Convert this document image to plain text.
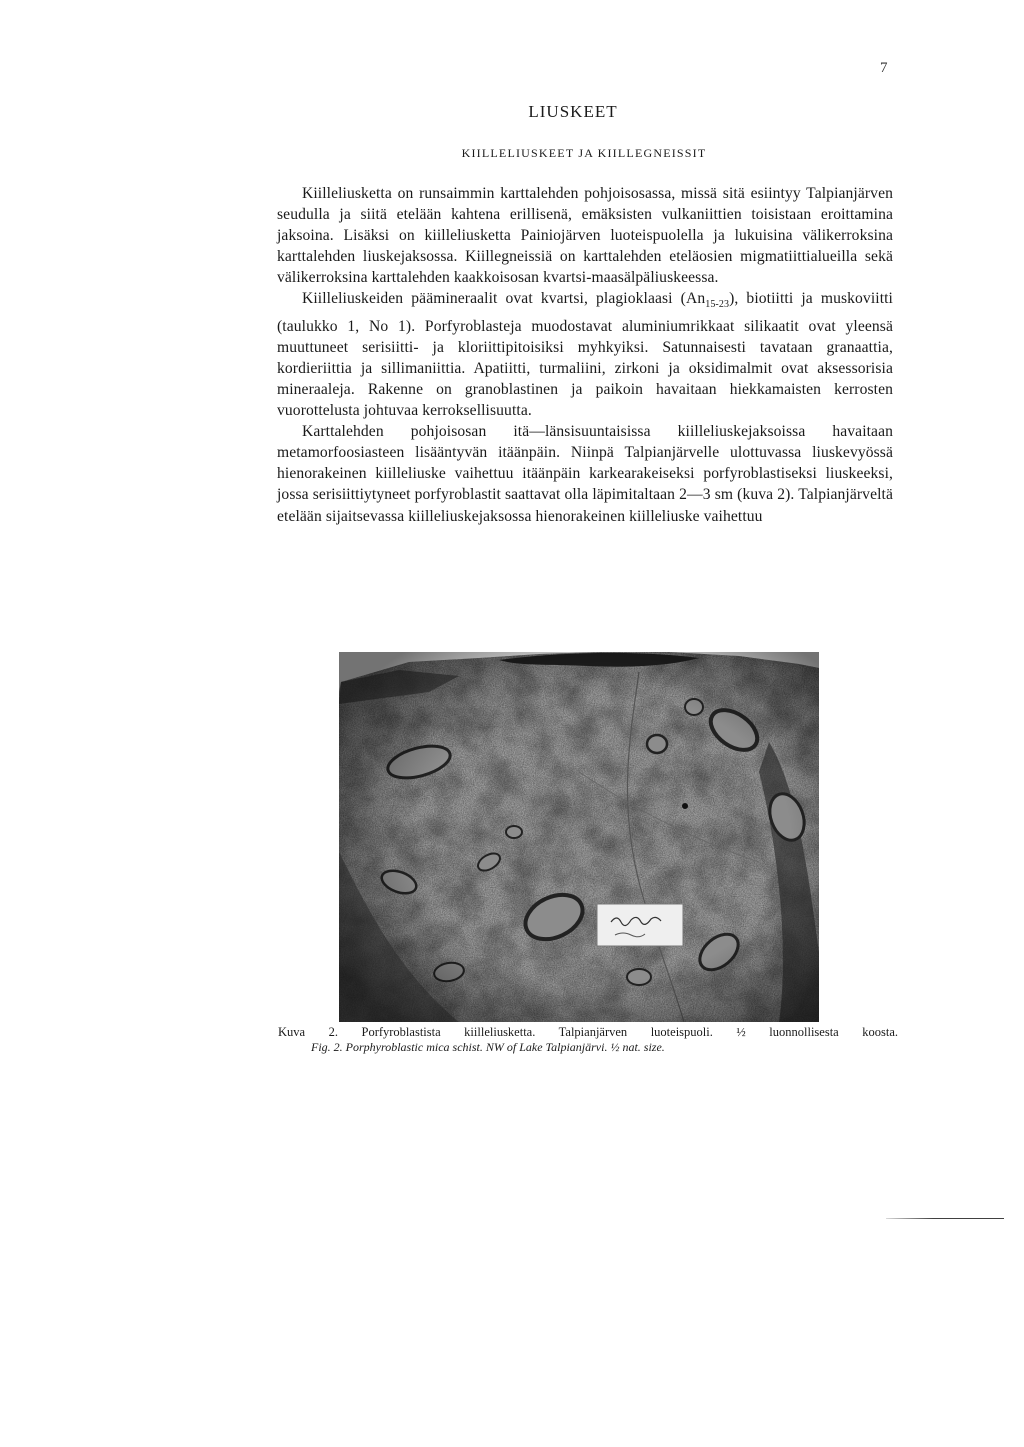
7
LIUSKEET
KIILLELIUSKEET JA KIILLEGNEISSIT

Kiilleliusketta on runsaimmin karttalehden pohjoisosassa, missä sitä esiintyy Talpianjärven seudulla ja siitä etelään kahtena erillisenä, emäksisten vulkaniittien toisistaan eroittamina jaksoina. Lisäksi on kiilleliusketta Painiojärven luoteispuolella ja lukuisina välikerroksina karttalehden liuskejaksossa. Kiillegneissiä on karttalehden eteläosien migmatiittialueilla sekä välikerroksina karttalehden kaakkoisosan kvartsi-maasälpäliuskeessa.

Kiilleliuskeiden päämineraalit ovat kvartsi, plagioklaasi $(An_{15-23})$, biotiitti ja muskoviitti (taulukko 1, No 1). Porfyroblasteja muodostavat aluminiumrikkaat silikaatit ovat yleensä muuttuneet serisiitti- ja kloriittipitoisiksi myhkyiksi. Satunnaisesti tavataan granaattia, kordieriittia ja sillimaniittia. Apatiitti, turmaliini, zirkoni ja oksidimalmit ovat aksessorisia mineraaleja. Rakenne on granoblastinen ja paikoin havaitaan hiekkamaisten kerrosten vuorottelusta johtuvaa kerroksellisuutta.

Karttalehden pohjoisosan itä—länsisuuntaisissa kiilleliuskejaksoissa havaitaan metamorfoosiasteen lisääntyvän itäänpäin. Niinpä Talpianjärvelle ulottuvassa liuskevyössä hienorakeinen kiilleliuske vaihettuu itäänpäin karkearakeiseksi porfyroblastiseksi liuskeeksi, jossa serisiittiytyneet porfyroblastit saattavat olla läpimitaltaan 2—3 sm (kuva 2). Talpianjärveltä etelään sijaitsevassa kiilleliuskejaksossa hienorakeinen kiilleliuske vaihettuu

Kuva 2. Porfyroblastista kiilleliusketta. Talpianjärven luoteispuoli. ½ luonnollisesta koosta.
Fig. 2. Porphyroblastic mica schist. NW of Lake Talpianjärvi. ½ nat. size.
